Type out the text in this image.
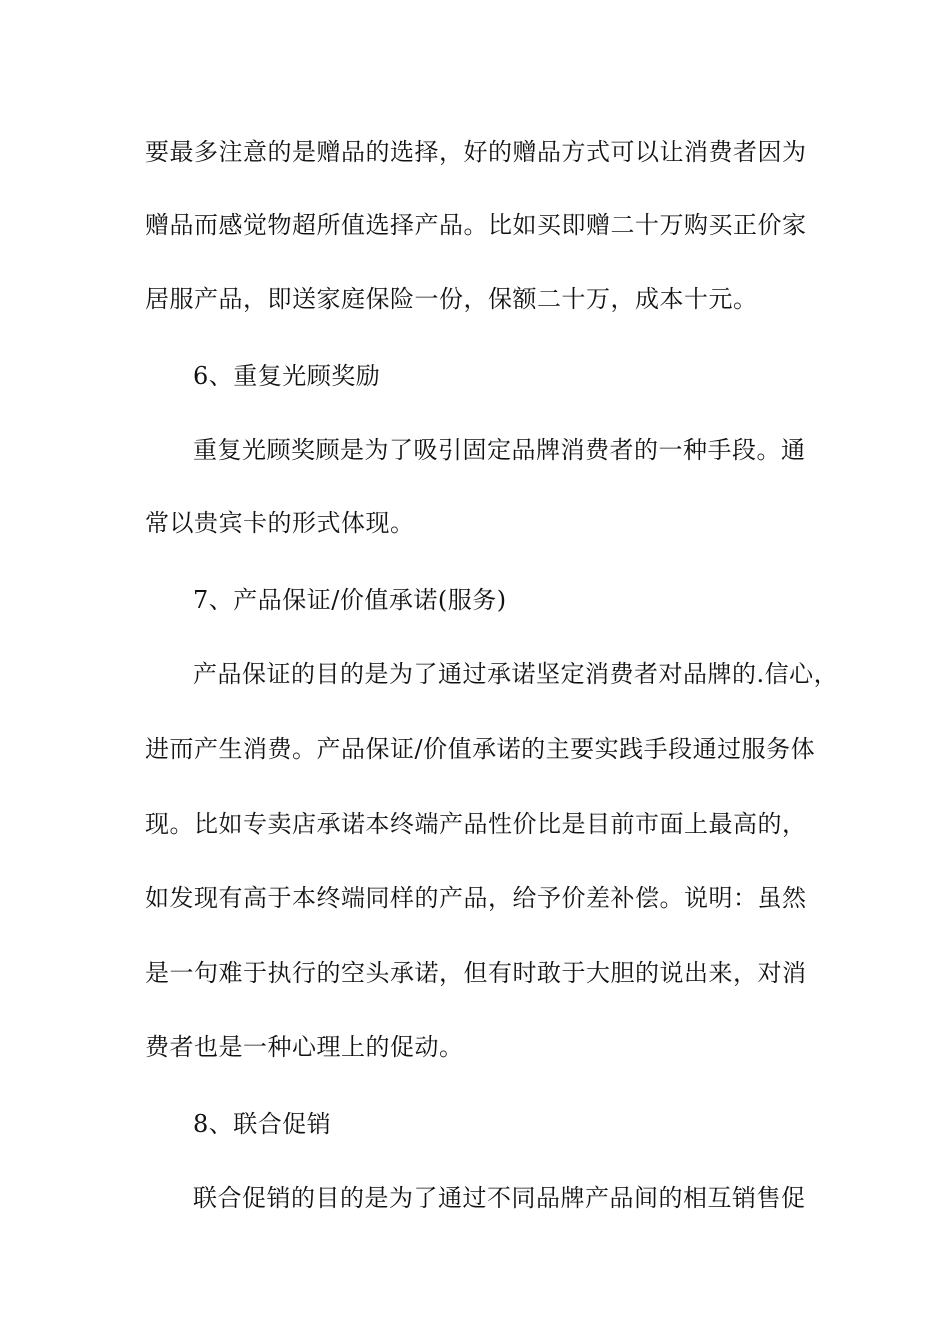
要最多注意的是赠品的选择，好的赠品方式可以让消费者因为
赠品而感觉物超所值选择产品。比如买即赠二十万购买正价家
居服产品，即送家庭保险一份，保额二十万，成本十元。
6、重复光顾奖励
重复光顾奖顾是为了吸引固定品牌消费者的一种手段。通
常以贵宾卡的形式体现。
7、产品保证/价值承诺(服务)
产品保证的目的是为了通过承诺坚定消费者对品牌的.信心，
进而产生消费。产品保证/价值承诺的主要实践手段通过服务体
现。比如专卖店承诺本终端产品性价比是目前市面上最高的，
如发现有高于本终端同样的产品，给予价差补偿。说明：虽然
是一句难于执行的空头承诺，但有时敢于大胆的说出来，对消
费者也是一种心理上的促动。
8、联合促销
联合促销的目的是为了通过不同品牌产品间的相互销售促
